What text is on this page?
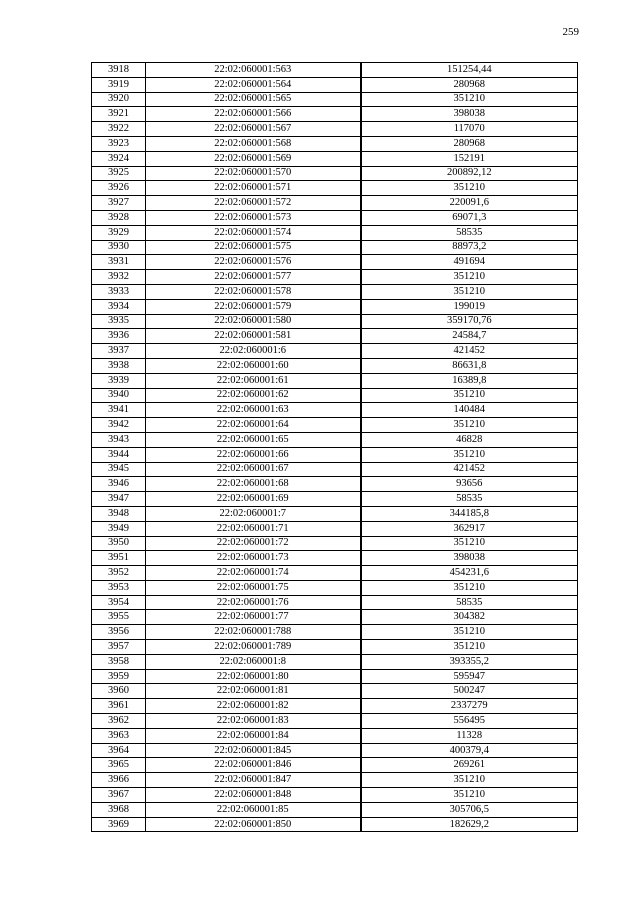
259
3918	22:02:060001:563	151254,44
3919	22:02:060001:564	280968
3920	22:02:060001:565	351210
3921	22:02:060001:566	398038
3922	22:02:060001:567	117070
3923	22:02:060001:568	280968
3924	22:02:060001:569	152191
3925	22:02:060001:570	200892,12
3926	22:02:060001:571	351210
3927	22:02:060001:572	220091,6
3928	22:02:060001:573	69071,3
3929	22:02:060001:574	58535
3930	22:02:060001:575	88973,2
3931	22:02:060001:576	491694
3932	22:02:060001:577	351210
3933	22:02:060001:578	351210
3934	22:02:060001:579	199019
3935	22:02:060001:580	359170,76
3936	22:02:060001:581	24584,7
3937	22:02:060001:6	421452
3938	22:02:060001:60	86631,8
3939	22:02:060001:61	16389,8
3940	22:02:060001:62	351210
3941	22:02:060001:63	140484
3942	22:02:060001:64	351210
3943	22:02:060001:65	46828
3944	22:02:060001:66	351210
3945	22:02:060001:67	421452
3946	22:02:060001:68	93656
3947	22:02:060001:69	58535
3948	22:02:060001:7	344185,8
3949	22:02:060001:71	362917
3950	22:02:060001:72	351210
3951	22:02:060001:73	398038
3952	22:02:060001:74	454231,6
3953	22:02:060001:75	351210
3954	22:02:060001:76	58535
3955	22:02:060001:77	304382
3956	22:02:060001:788	351210
3957	22:02:060001:789	351210
3958	22:02:060001:8	393355,2
3959	22:02:060001:80	595947
3960	22:02:060001:81	500247
3961	22:02:060001:82	2337279
3962	22:02:060001:83	556495
3963	22:02:060001:84	11328
3964	22:02:060001:845	400379,4
3965	22:02:060001:846	269261
3966	22:02:060001:847	351210
3967	22:02:060001:848	351210
3968	22:02:060001:85	305706,5
3969	22:02:060001:850	182629,2
